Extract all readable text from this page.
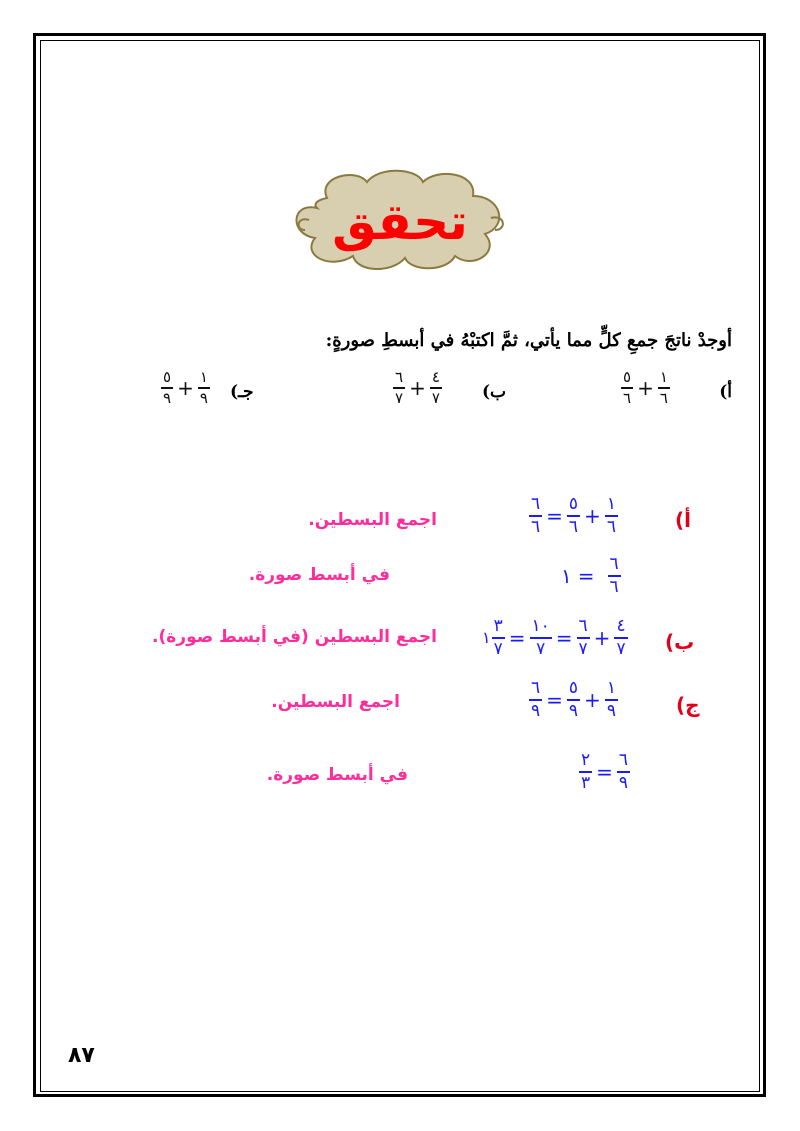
تحقق
أوجدْ ناتجَ جمعِ كلٍّ مما يأتي، ثمَّ اكتبْهُ في أبسطِ صورةٍ:
أ)
$\frac{٥}{٦} + \frac{١}{٦}$
ب)
$\frac{٦}{٧} + \frac{٤}{٧}$
جـ)
$\frac{٥}{٩} + \frac{١}{٩}$
أ)
$\frac{٦}{٦} = \frac{٥}{٦} + \frac{١}{٦}$
اجمع البسطين.
١ = $\frac{٦}{٦}$
في أبسط صورة.
ب)
١ $\frac{٣}{٧} = \frac{١٠}{٧} = \frac{٦}{٧} + \frac{٤}{٧}$
اجمع البسطين (في أبسط صورة).
ج)
$\frac{٦}{٩} = \frac{٥}{٩} + \frac{١}{٩}$
اجمع البسطين.
$\frac{٢}{٣} = \frac{٦}{٩}$
في أبسط صورة.
٨٧
